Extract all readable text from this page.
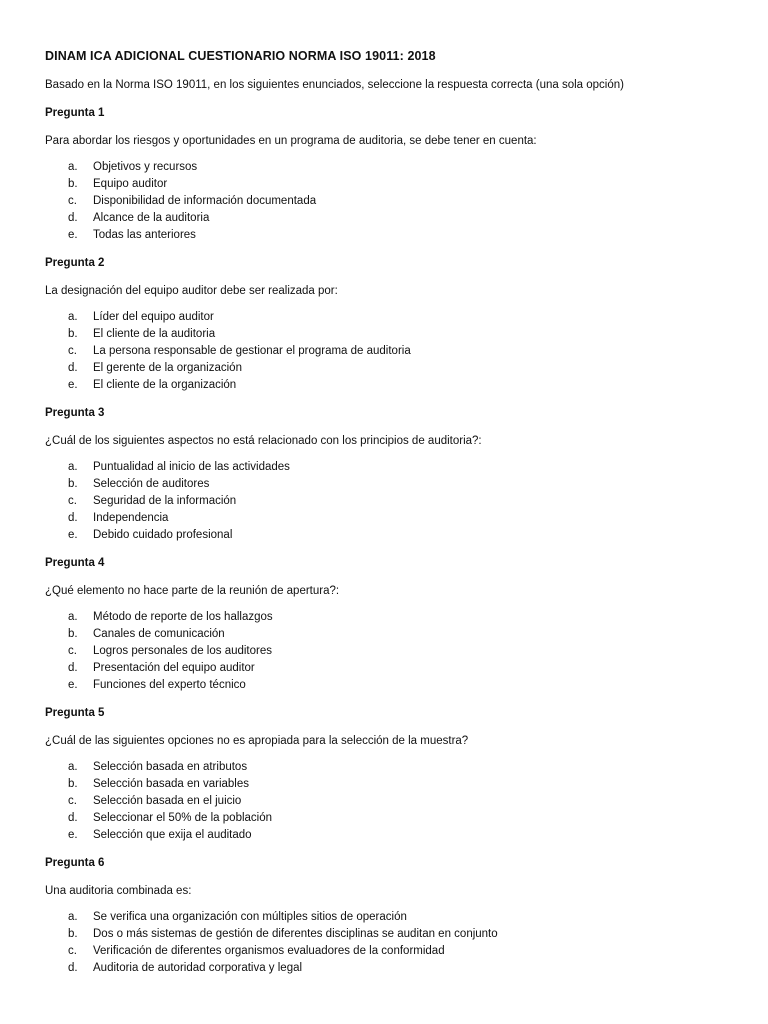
DINAM ICA ADICIONAL CUESTIONARIO NORMA ISO 19011: 2018
Basado en la Norma ISO 19011, en los siguientes enunciados, seleccione la respuesta correcta (una sola opción)
Pregunta 1
Para abordar los riesgos y oportunidades en un programa de auditoria, se debe tener en cuenta:
a.	Objetivos y recursos
b.	Equipo auditor
c.	Disponibilidad de información documentada
d.	Alcance de la auditoria
e.	Todas las anteriores
Pregunta 2
La designación del equipo auditor debe ser realizada por:
a.	Líder del equipo auditor
b.	El cliente de la auditoria
c.	La persona responsable de gestionar el programa de auditoria
d.	El gerente de la organización
e.	El cliente de la organización
Pregunta 3
¿Cuál de los siguientes aspectos no está relacionado con los principios de auditoria?:
a.	Puntualidad al inicio de las actividades
b.	Selección de auditores
c.	Seguridad de la información
d.	Independencia
e.	Debido cuidado profesional
Pregunta 4
¿Qué elemento no hace parte de la reunión de apertura?:
a.	Método de reporte de los hallazgos
b.	Canales de comunicación
c.	Logros personales de los auditores
d.	Presentación del equipo auditor
e.	Funciones del experto técnico
Pregunta 5
¿Cuál de las siguientes opciones no es apropiada para la selección de la muestra?
a.	Selección basada en atributos
b.	Selección basada en variables
c.	Selección basada en el juicio
d.	Seleccionar el 50% de la población
e.	Selección que exija el auditado
Pregunta 6
Una auditoria combinada es:
a.	Se verifica una organización con múltiples sitios de operación
b.	Dos o más sistemas de gestión de diferentes disciplinas se auditan en conjunto
c.	Verificación de diferentes organismos evaluadores de la conformidad
d.	Auditoria de autoridad corporativa y legal
